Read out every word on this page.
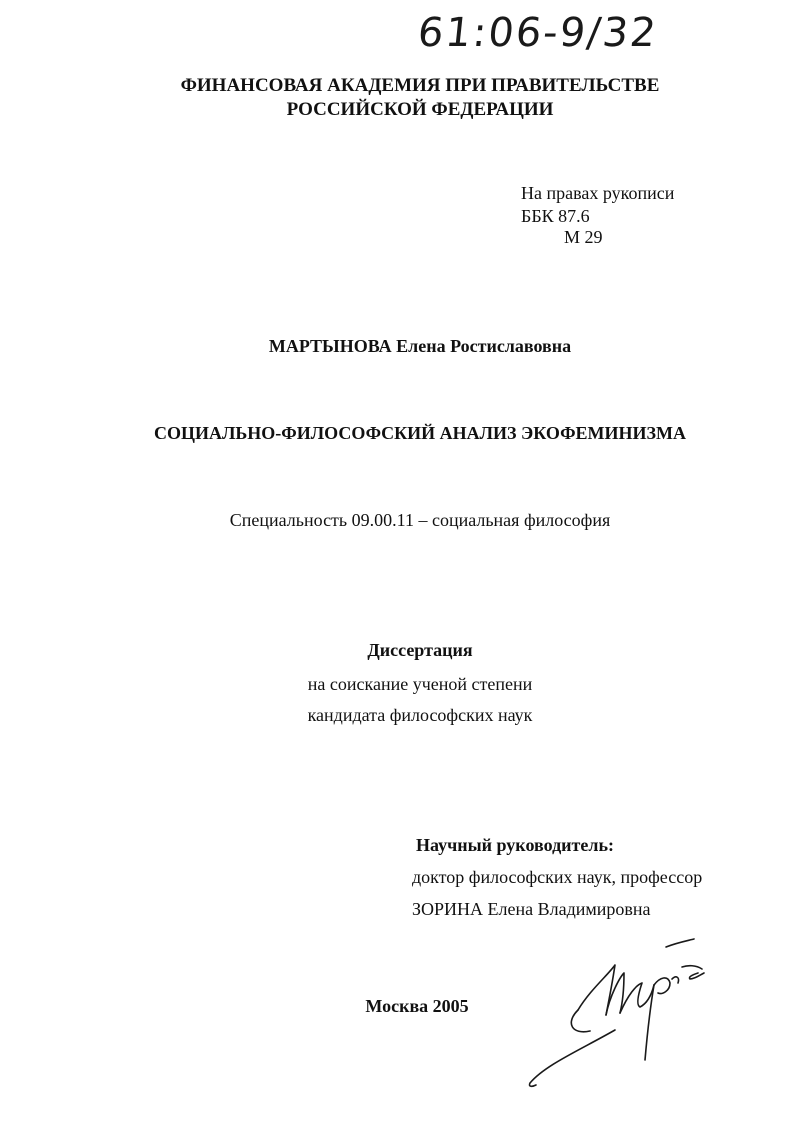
61:06-9/32
ФИНАНСОВАЯ АКАДЕМИЯ ПРИ ПРАВИТЕЛЬСТВЕ
РОССИЙСКОЙ ФЕДЕРАЦИИ
На правах рукописи
ББК 87.6
М 29
МАРТЫНОВА Елена Ростиславовна
СОЦИАЛЬНО-ФИЛОСОФСКИЙ АНАЛИЗ ЭКОФЕМИНИЗМА
Специальность 09.00.11 – социальная философия
Диссертация
на соискание ученой степени
кандидата философских наук
Научный руководитель:
доктор философских наук, профессор
ЗОРИНА Елена Владимировна
Москва 2005
